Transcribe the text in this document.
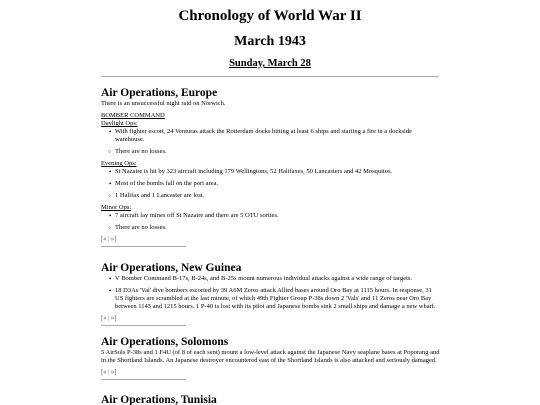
Chronology of World War II
March 1943
Sunday, March 28
Air Operations, Europe

There is an unsuccessful night raid on Norwich.

BOMBER COMMAND

Daylight Ops:

• With fighter escort, 24 Venturas attack the Rotterdam docks hitting at least 6 ships and starting a fire in a dockside warehouse.
○ There are no losses.

Evening Ops:

• St Nazaire is hit by 323 aircraft including 179 Wellingtons, 52 Halifaxes, 50 Lancasters and 42 Mosquitos.
• Most of the bombs fall on the port area.
○ 1 Halifax and 1 Lancaster are lost.

Minor Ops:

• 7 aircraft lay mines off St Nazaire and there are 5 OTU sorties.
○ There are no losses.
[« | »]
Air Operations, New Guinea
• V Bomber Command B-17s, B-24s, and B-25s mount numerous individual attacks against a wide range of targets.
• 18 D3As 'Val' dive bombers escorted by 39 A6M Zeros attack Allied bases around Oro Bay at 1115 hours. In response, 31 US fighters are scrambled at the last minute, of which 49th Fighter Group P-38s down 2 'Vals' and 11 Zeros near Oro Bay between 1145 and 1215 hours. 1 P-40 is lost with its pilot and Japanese bombs sink 2 small ships and damage a new wharf.
[« | »]
Air Operations, Solomons

5 AirSols P-38s and 1 F4U (of 8 of each sent) mount a low-level attack against the Japanese Navy seaplane bases at Poporang and in the Shortland Islands. An Japanese destroyer encountered east of the Shortland Islands is also attacked and seriously damaged.

[« | »]
Air Operations, Tunisia
